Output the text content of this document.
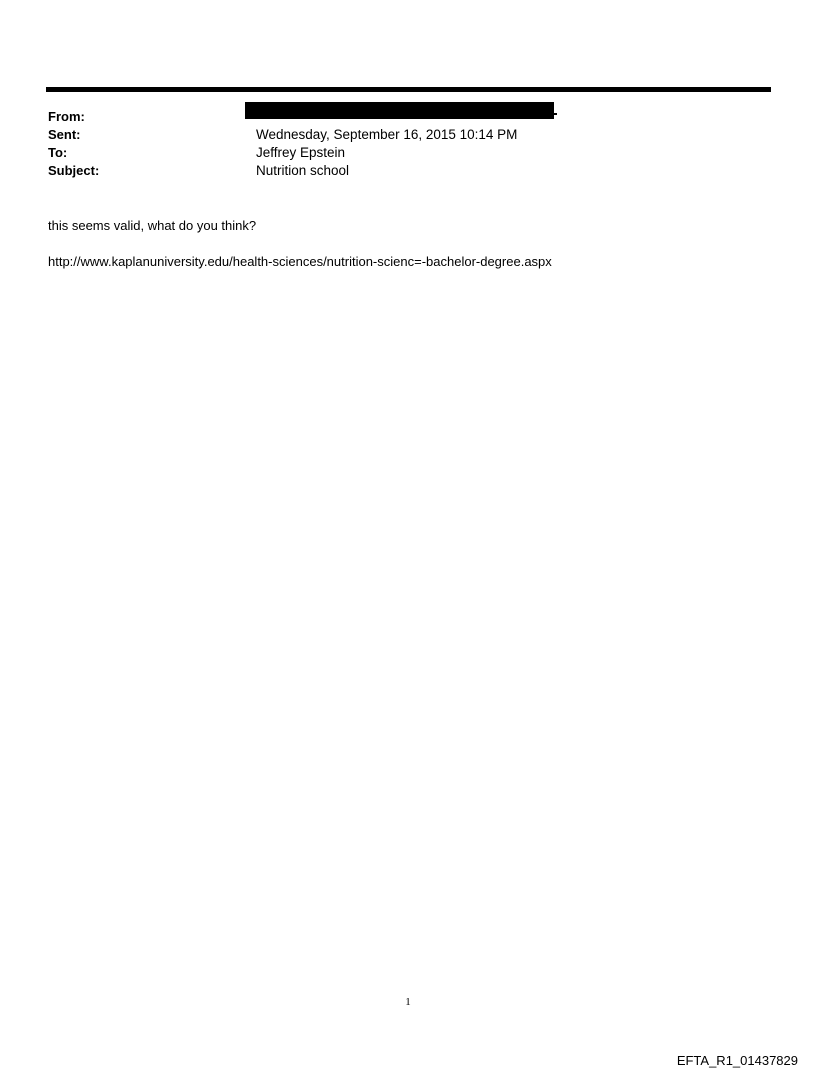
From:
Sent:	Wednesday, September 16, 2015 10:14 PM
To:	Jeffrey Epstein
Subject:	Nutrition school
this seems valid, what do you think?
http://www.kaplanuniversity.edu/health-sciences/nutrition-scienc=-bachelor-degree.aspx
1
EFTA_R1_01437829
